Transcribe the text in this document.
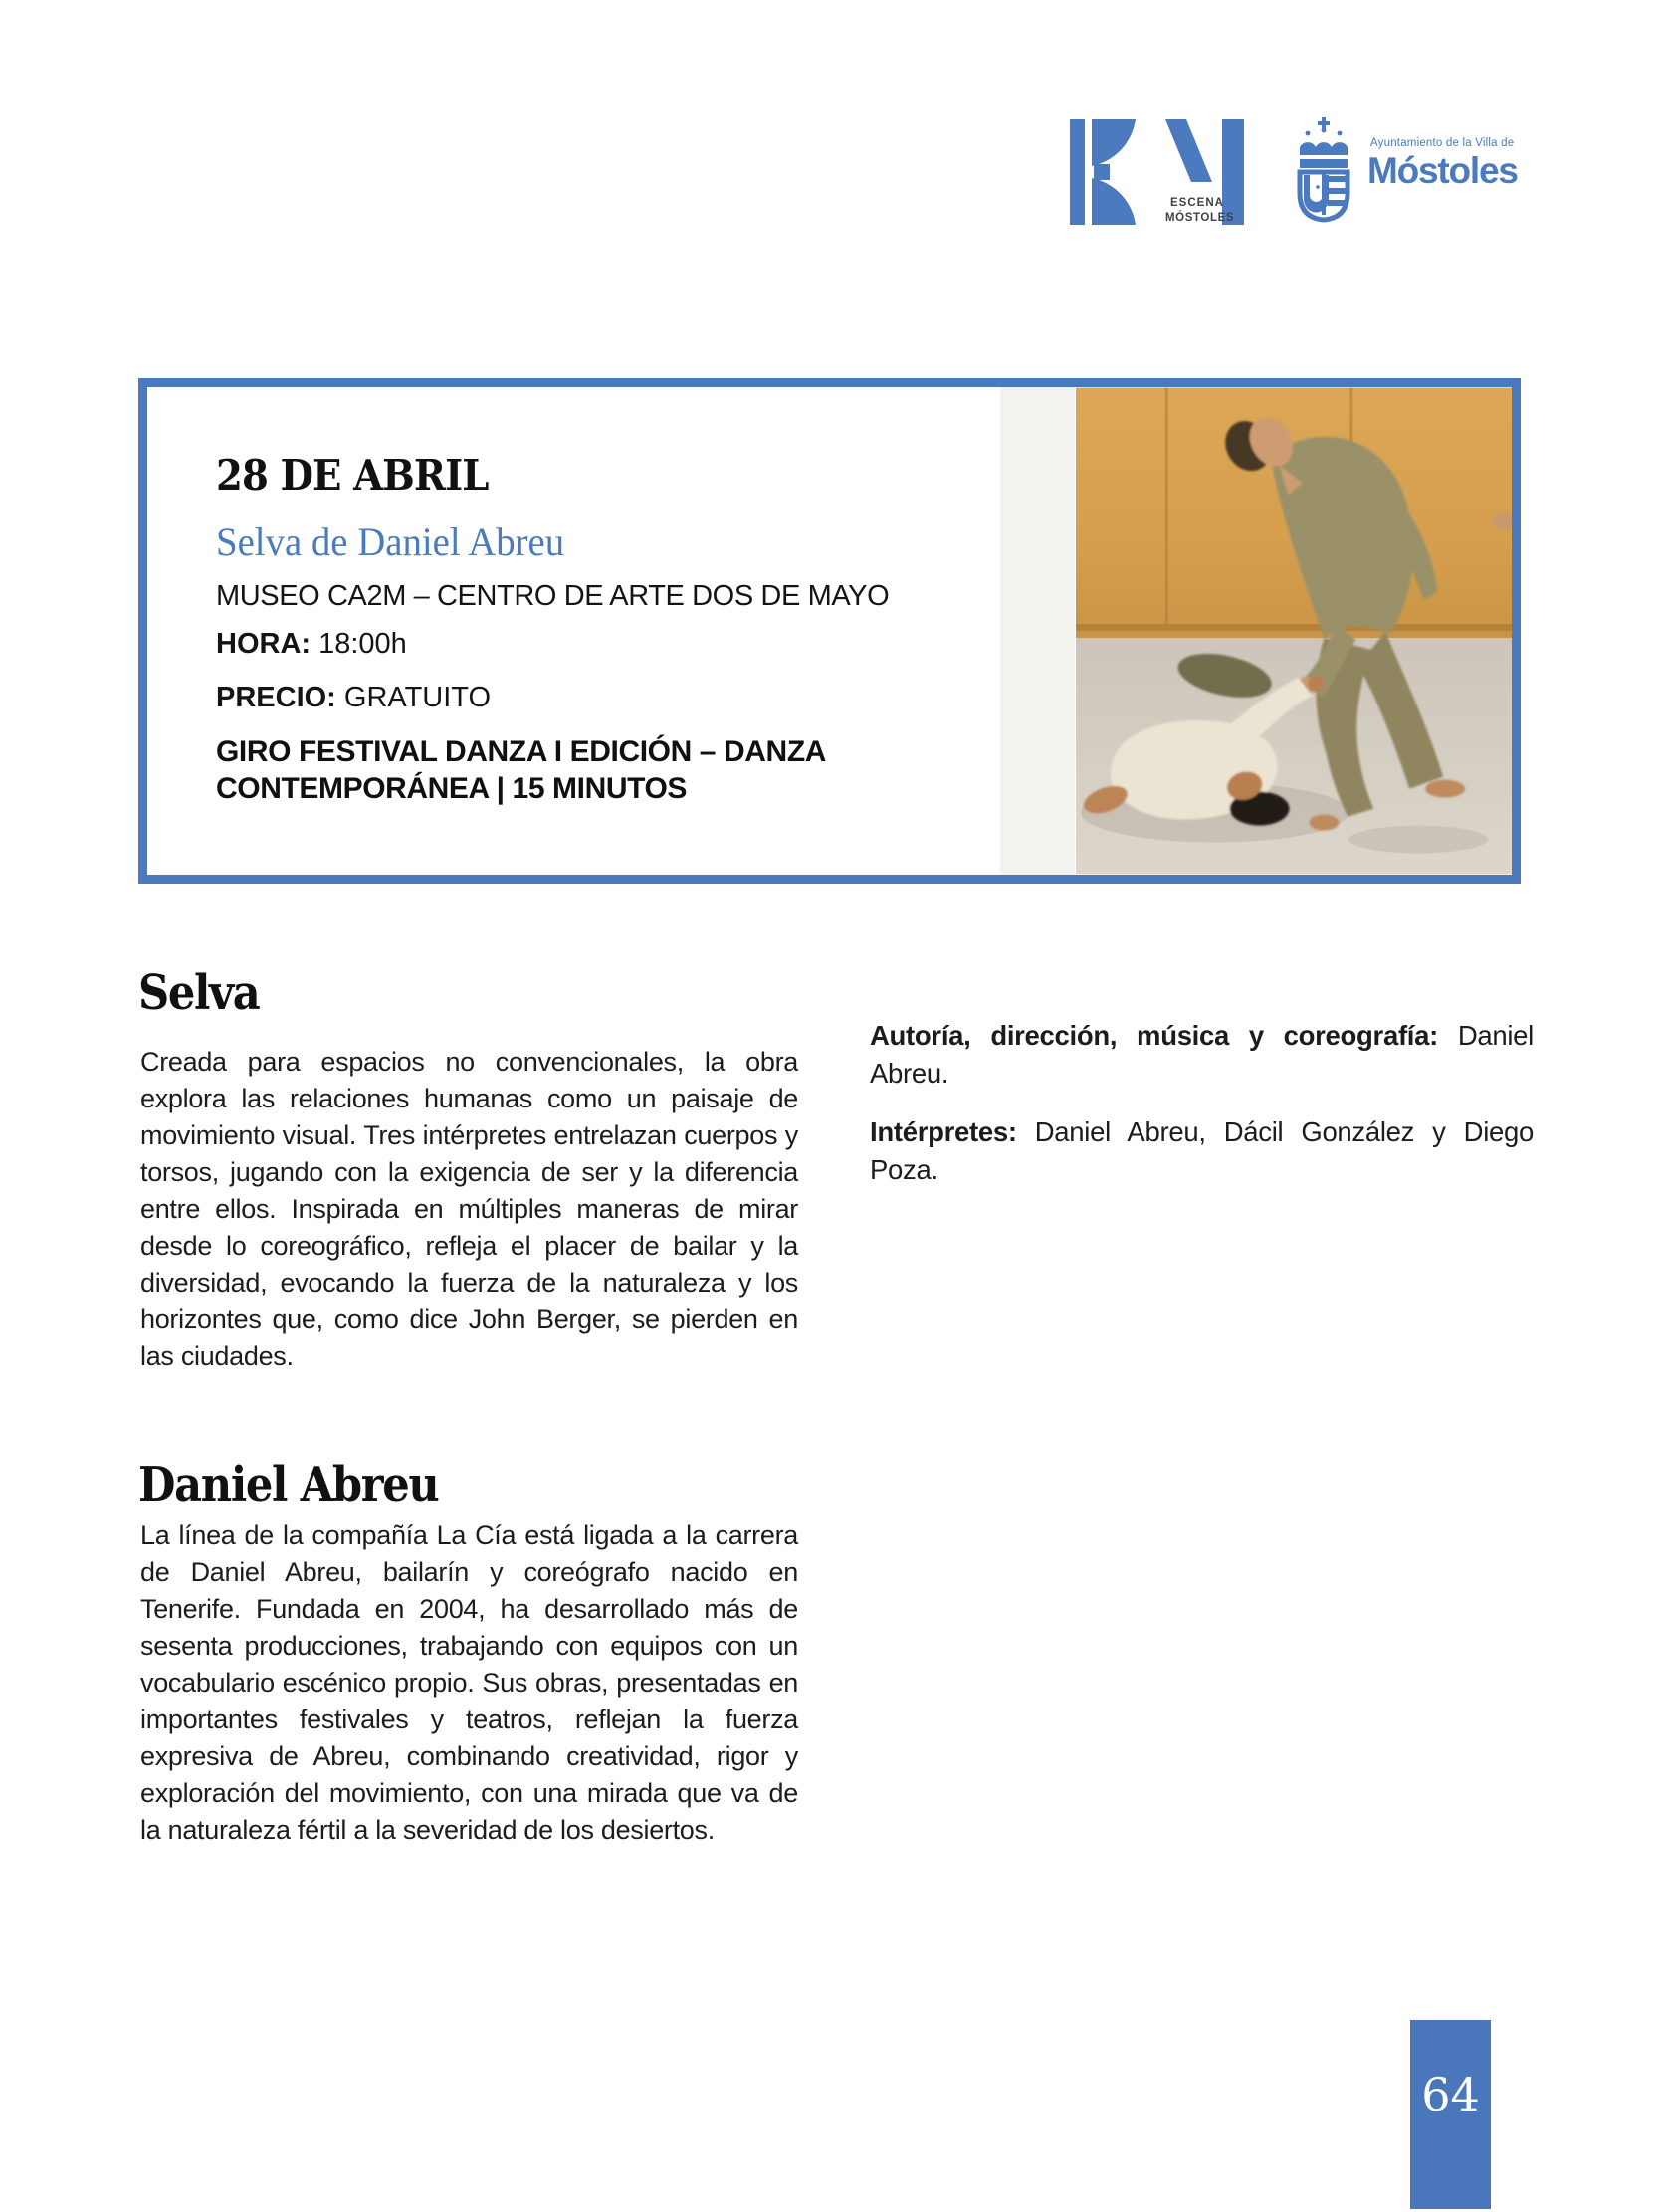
ESCENA
MÓSTOLES
Ayuntamiento de la Villa de
Móstoles
28 DE ABRIL
Selva de Daniel Abreu
MUSEO CA2M – CENTRO DE ARTE DOS DE MAYO
HORA: 18:00h
PRECIO: GRATUITO
GIRO FESTIVAL DANZA I EDICIÓN – DANZA CONTEMPORÁNEA | 15 MINUTOS
Selva

Creada para espacios no convencionales, la obra explora las relaciones humanas como un paisaje de movimiento visual. Tres intérpretes entrelazan cuerpos y torsos, jugando con la exigencia de ser y la diferencia entre ellos. Inspirada en múltiples maneras de mirar desde lo coreográfico, refleja el placer de bailar y la diversidad, evocando la fuerza de la naturaleza y los horizontes que, como dice John Berger, se pierden en las ciudades.

Daniel Abreu

La línea de la compañía La Cía está ligada a la carrera de Daniel Abreu, bailarín y coreógrafo nacido en Tenerife. Fundada en 2004, ha desarrollado más de sesenta producciones, trabajando con equipos con un vocabulario escénico propio. Sus obras, presentadas en importantes festivales y teatros, reflejan la fuerza expresiva de Abreu, combinando creatividad, rigor y exploración del movimiento, con una mirada que va de la naturaleza fértil a la severidad de los desiertos.

Autoría, dirección, música y coreografía: Daniel Abreu.

Intérpretes: Daniel Abreu, Dácil González y Diego Poza.

64
